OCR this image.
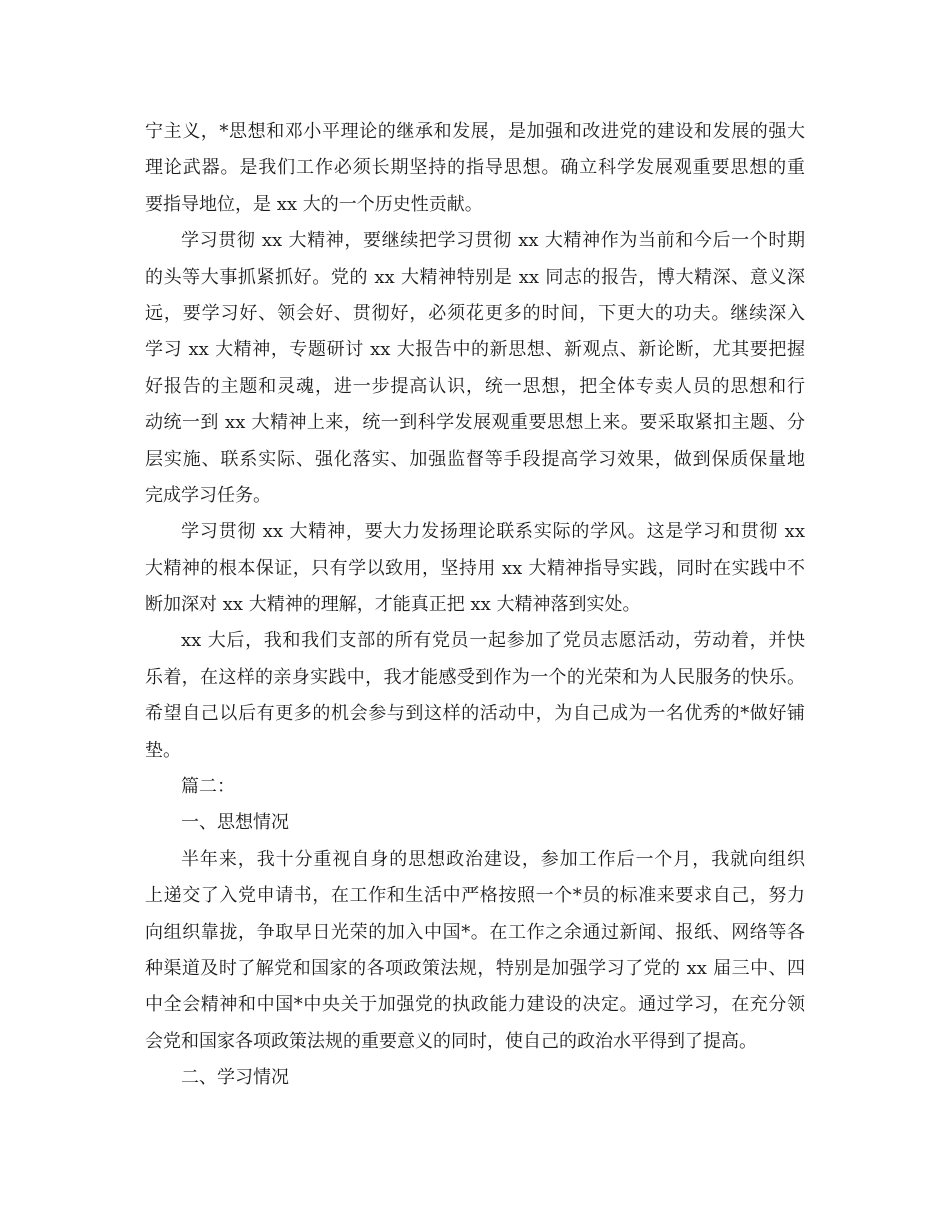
宁主义，*思想和邓小平理论的继承和发展，是加强和改进党的建设和发展的强大
理论武器。是我们工作必须长期坚持的指导思想。确立科学发展观重要思想的重
要指导地位，是 xx 大的一个历史性贡献。
学习贯彻 xx 大精神，要继续把学习贯彻 xx 大精神作为当前和今后一个时期
的头等大事抓紧抓好。党的 xx 大精神特别是 xx 同志的报告，博大精深、意义深
远，要学习好、领会好、贯彻好，必须花更多的时间，下更大的功夫。继续深入
学习 xx 大精神，专题研讨 xx 大报告中的新思想、新观点、新论断，尤其要把握
好报告的主题和灵魂，进一步提高认识，统一思想，把全体专卖人员的思想和行
动统一到 xx 大精神上来，统一到科学发展观重要思想上来。要采取紧扣主题、分
层实施、联系实际、强化落实、加强监督等手段提高学习效果，做到保质保量地
完成学习任务。
学习贯彻 xx 大精神，要大力发扬理论联系实际的学风。这是学习和贯彻 xx
大精神的根本保证，只有学以致用，坚持用 xx 大精神指导实践，同时在实践中不
断加深对 xx 大精神的理解，才能真正把 xx 大精神落到实处。
xx 大后，我和我们支部的所有党员一起参加了党员志愿活动，劳动着，并快
乐着，在这样的亲身实践中，我才能感受到作为一个的光荣和为人民服务的快乐。
希望自己以后有更多的机会参与到这样的活动中，为自己成为一名优秀的*做好铺
垫。
篇二：
一、思想情况
半年来，我十分重视自身的思想政治建设，参加工作后一个月，我就向组织
上递交了入党申请书，在工作和生活中严格按照一个*员的标准来要求自己，努力
向组织靠拢，争取早日光荣的加入中国*。在工作之余通过新闻、报纸、网络等各
种渠道及时了解党和国家的各项政策法规，特别是加强学习了党的 xx 届三中、四
中全会精神和中国*中央关于加强党的执政能力建设的决定。通过学习，在充分领
会党和国家各项政策法规的重要意义的同时，使自己的政治水平得到了提高。
二、学习情况
